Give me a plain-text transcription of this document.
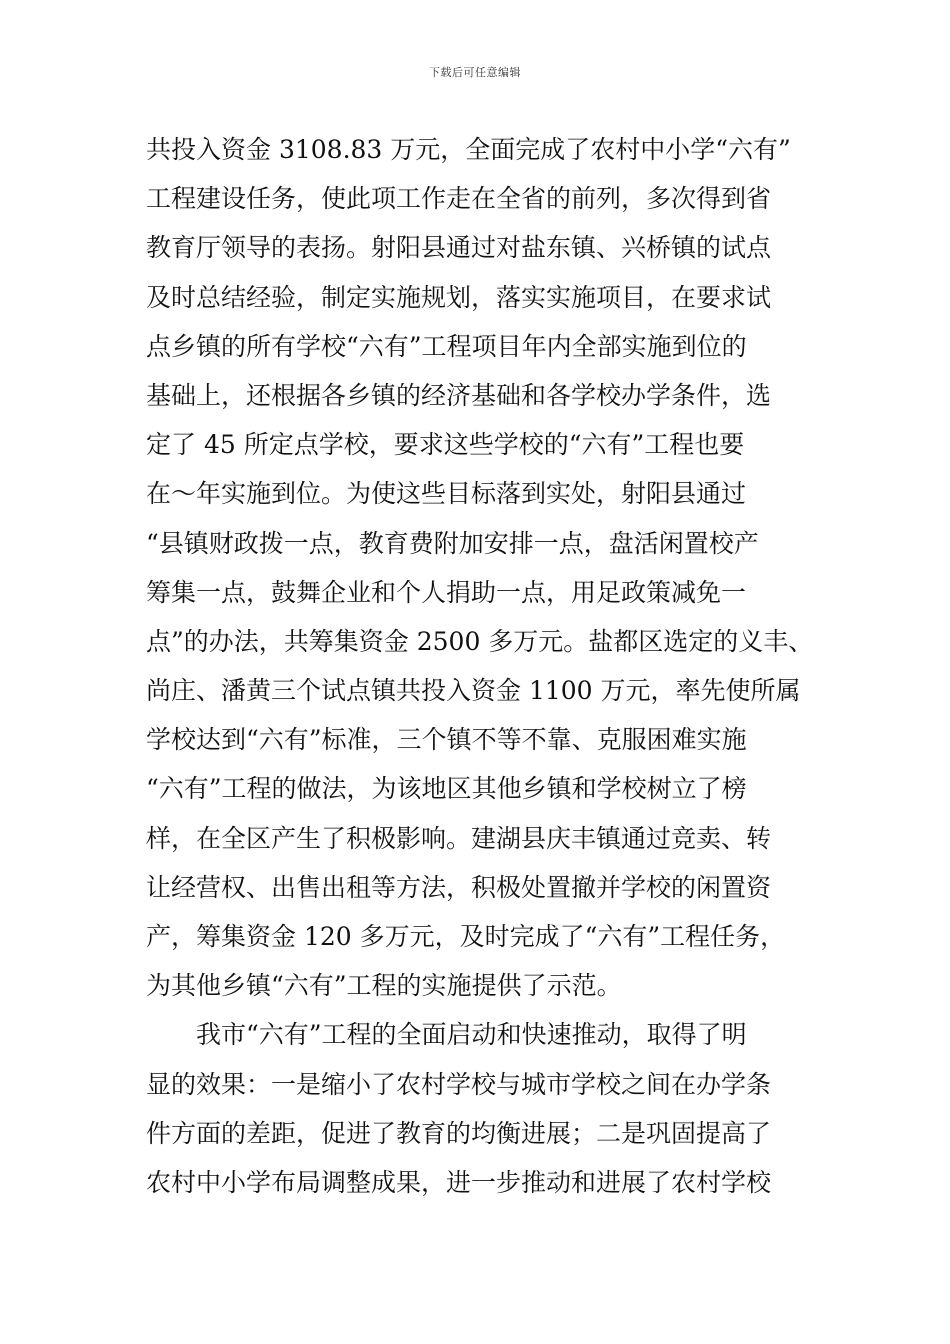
下载后可任意编辑
共投入资金 3108.83 万元，全面完成了农村中小学“六有”
工程建设任务，使此项工作走在全省的前列，多次得到省
教育厅领导的表扬。射阳县通过对盐东镇、兴桥镇的试点
及时总结经验，制定实施规划，落实实施项目，在要求试
点乡镇的所有学校“六有”工程项目年内全部实施到位的
基础上，还根据各乡镇的经济基础和各学校办学条件，选
定了 45 所定点学校，要求这些学校的“六有”工程也要
在～年实施到位。为使这些目标落到实处，射阳县通过
“县镇财政拨一点，教育费附加安排一点，盘活闲置校产
筹集一点，鼓舞企业和个人捐助一点，用足政策减免一
点”的办法，共筹集资金 2500 多万元。盐都区选定的义丰、
尚庄、潘黄三个试点镇共投入资金 1100 万元，率先使所属
学校达到“六有”标准，三个镇不等不靠、克服困难实施
“六有”工程的做法，为该地区其他乡镇和学校树立了榜
样，在全区产生了积极影响。建湖县庆丰镇通过竞卖、转
让经营权、出售出租等方法，积极处置撤并学校的闲置资
产，筹集资金 120 多万元，及时完成了“六有”工程任务，
为其他乡镇“六有”工程的实施提供了示范。
我市“六有”工程的全面启动和快速推动，取得了明
显的效果：一是缩小了农村学校与城市学校之间在办学条
件方面的差距，促进了教育的均衡进展；二是巩固提高了
农村中小学布局调整成果，进一步推动和进展了农村学校
